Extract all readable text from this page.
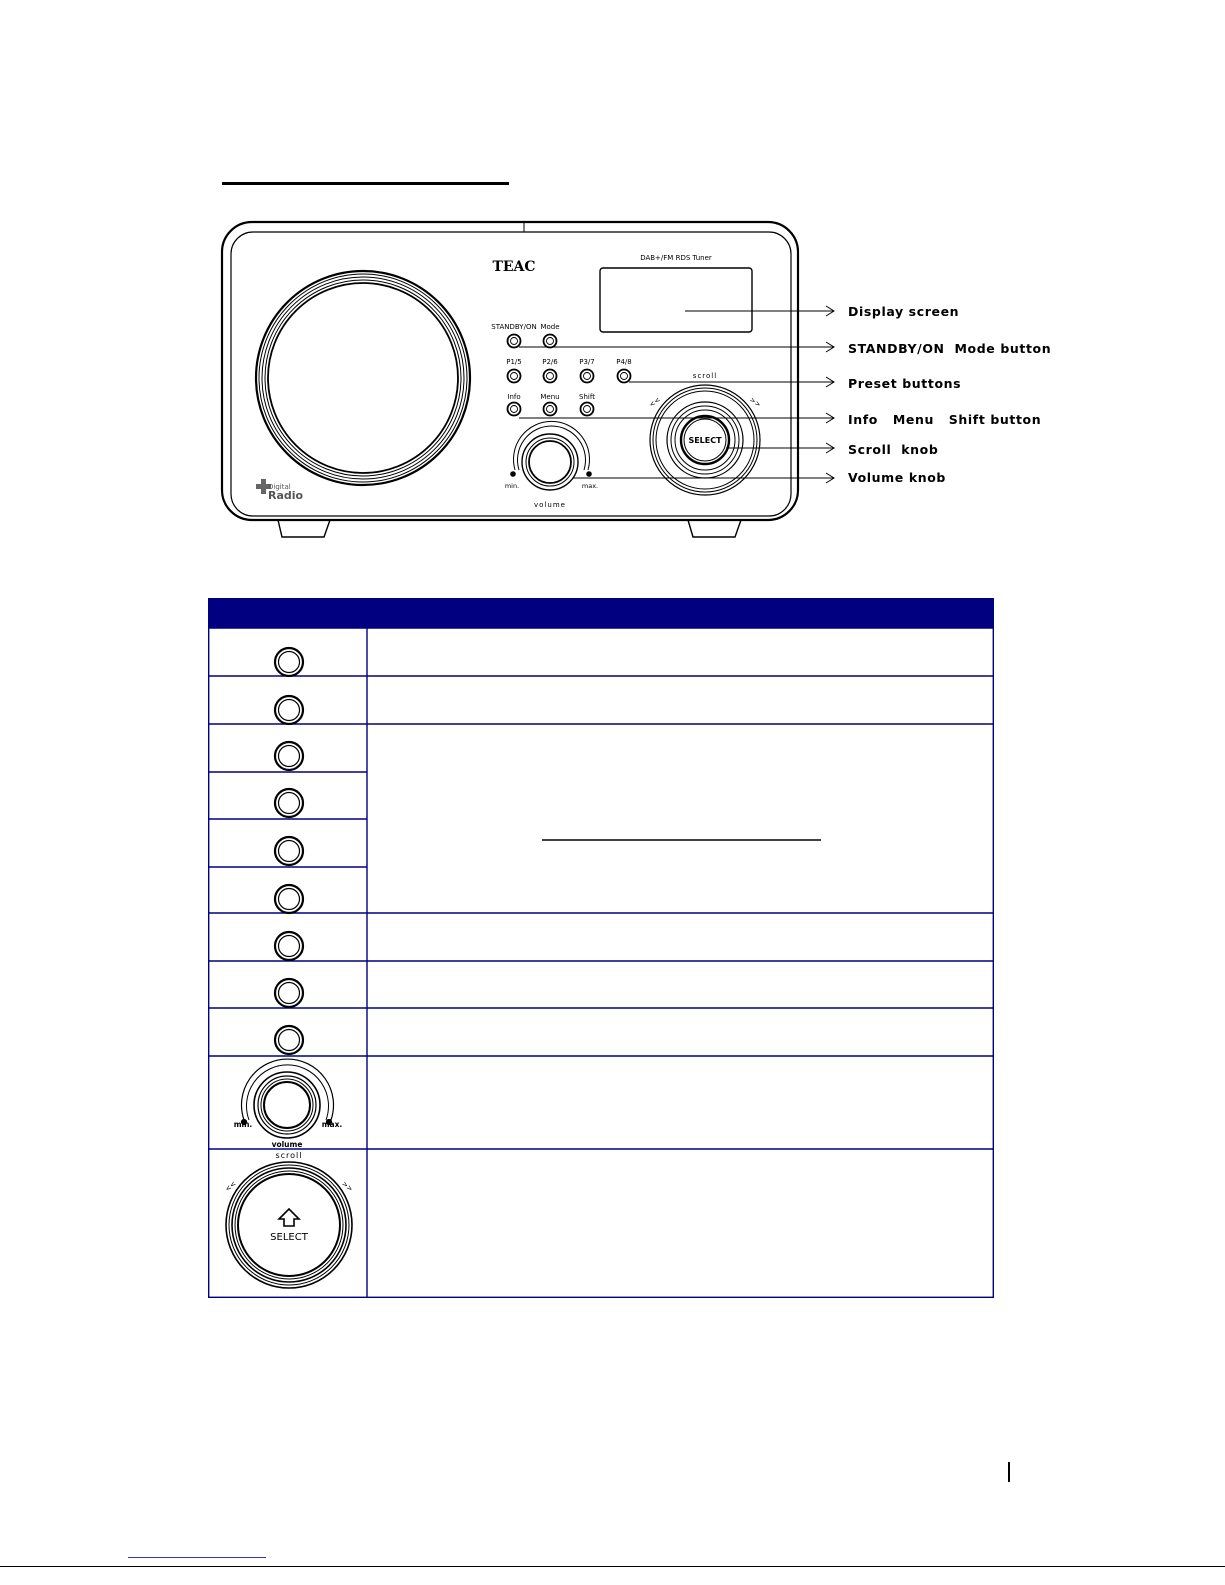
TEAC
DAB+/FM RDS Tuner
Digital
Radio
STANDBY/ON Mode
P1/5	P2/6	P3/7	P4/8
Info	Menu	Shift
min.	max.
volume
scroll
<<	>>
SELECT
Display screen
STANDBY/ON  Mode button
Preset buttons
Info   Menu   Shift button
Scroll  knob
Volume knob
min.	max.
volume
scroll
<<	>>
SELECT
